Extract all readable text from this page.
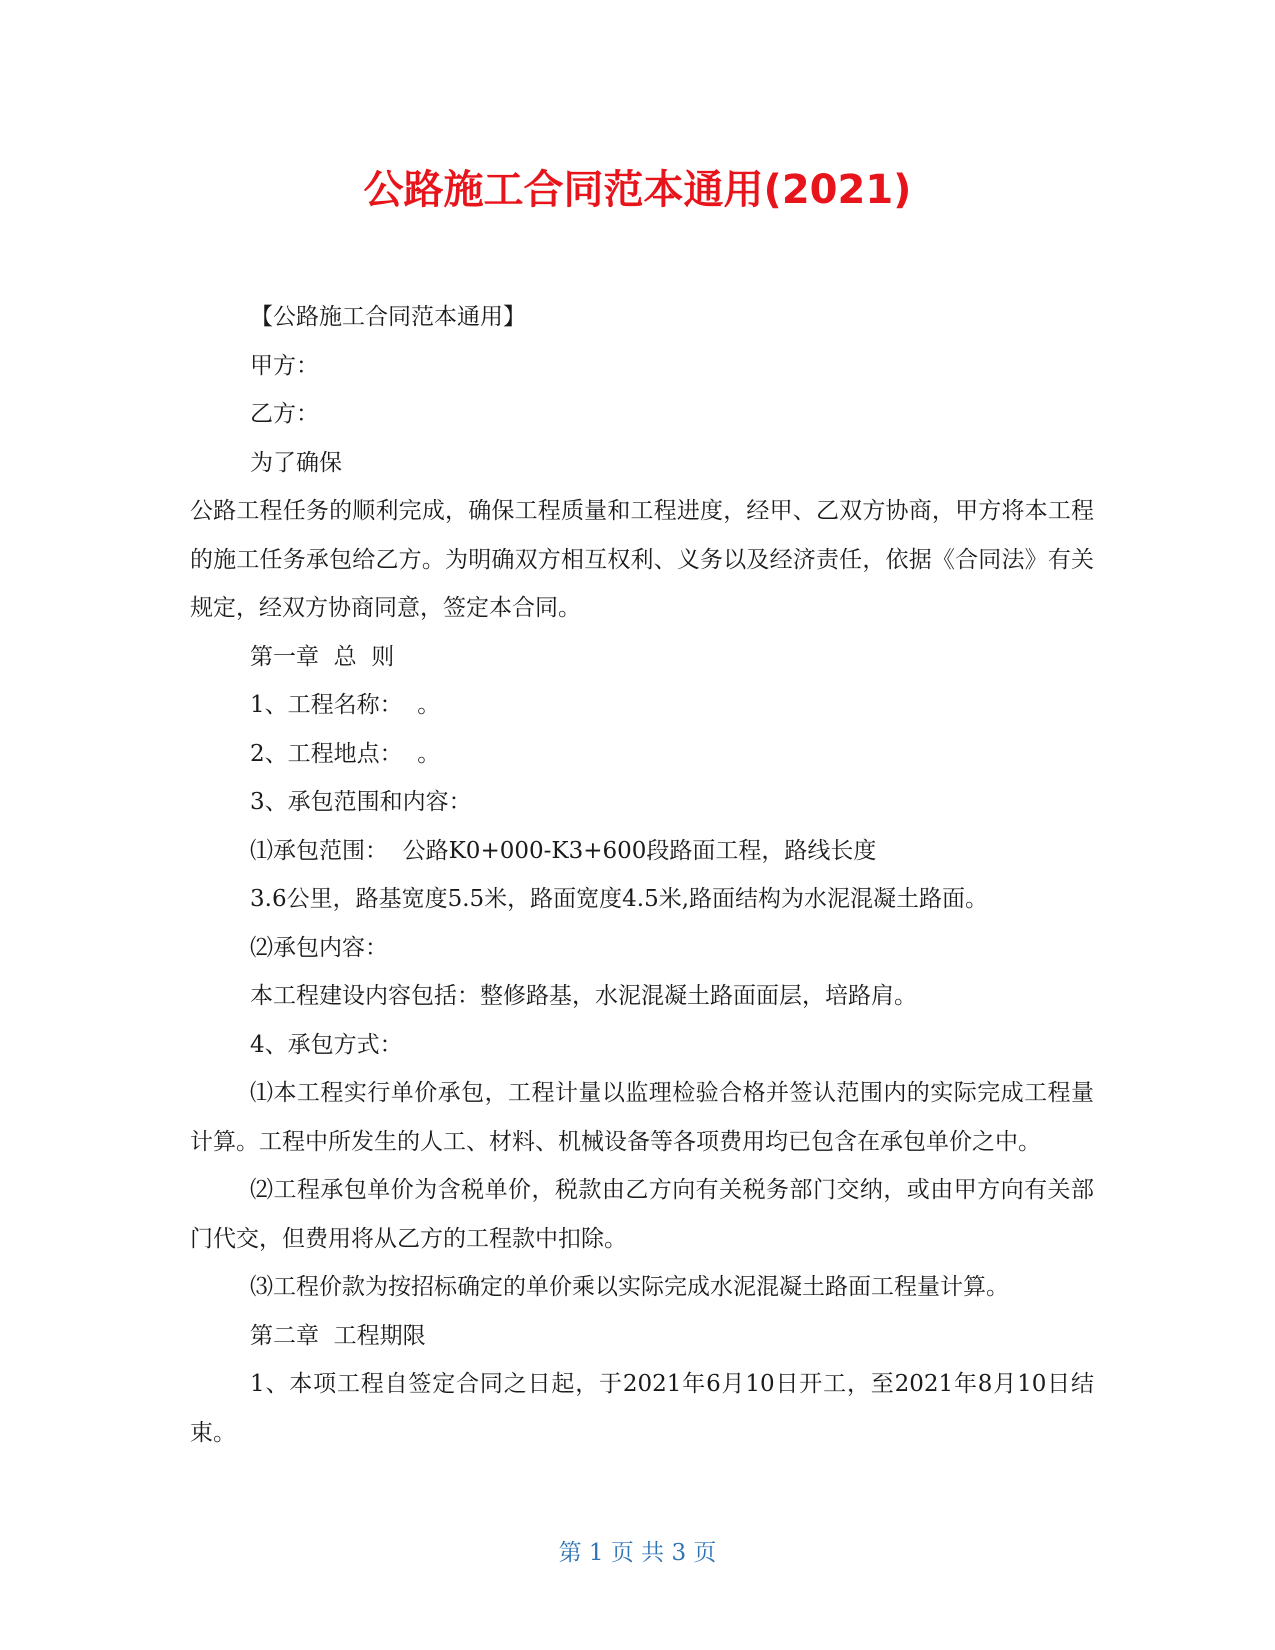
公路施工合同范本通用(2021)

【公路施工合同范本通用】

甲方：

乙方：

为了确保

公路工程任务的顺利完成，确保工程质量和工程进度，经甲、乙双方协商，甲方将本工程的施工任务承包给乙方。为明确双方相互权利、义务以及经济责任，依据《合同法》有关规定，经双方协商同意，签定本合同。

第一章  总  则

1、工程名称：  。

2、工程地点：  。

3、承包范围和内容：

⑴承包范围：  公路K0+000-K3+600段路面工程，路线长度

3.6公里，路基宽度5.5米，路面宽度4.5米,路面结构为水泥混凝土路面。

⑵承包内容：

本工程建设内容包括：整修路基，水泥混凝土路面面层，培路肩。

4、承包方式：

⑴本工程实行单价承包，工程计量以监理检验合格并签认范围内的实际完成工程量计算。工程中所发生的人工、材料、机械设备等各项费用均已包含在承包单价之中。

⑵工程承包单价为含税单价，税款由乙方向有关税务部门交纳，或由甲方向有关部门代交，但费用将从乙方的工程款中扣除。

⑶工程价款为按招标确定的单价乘以实际完成水泥混凝土路面工程量计算。

第二章  工程期限

1、本项工程自签定合同之日起，于2021年6月10日开工，至2021年8月10日结束。

第 1 页 共 3 页
